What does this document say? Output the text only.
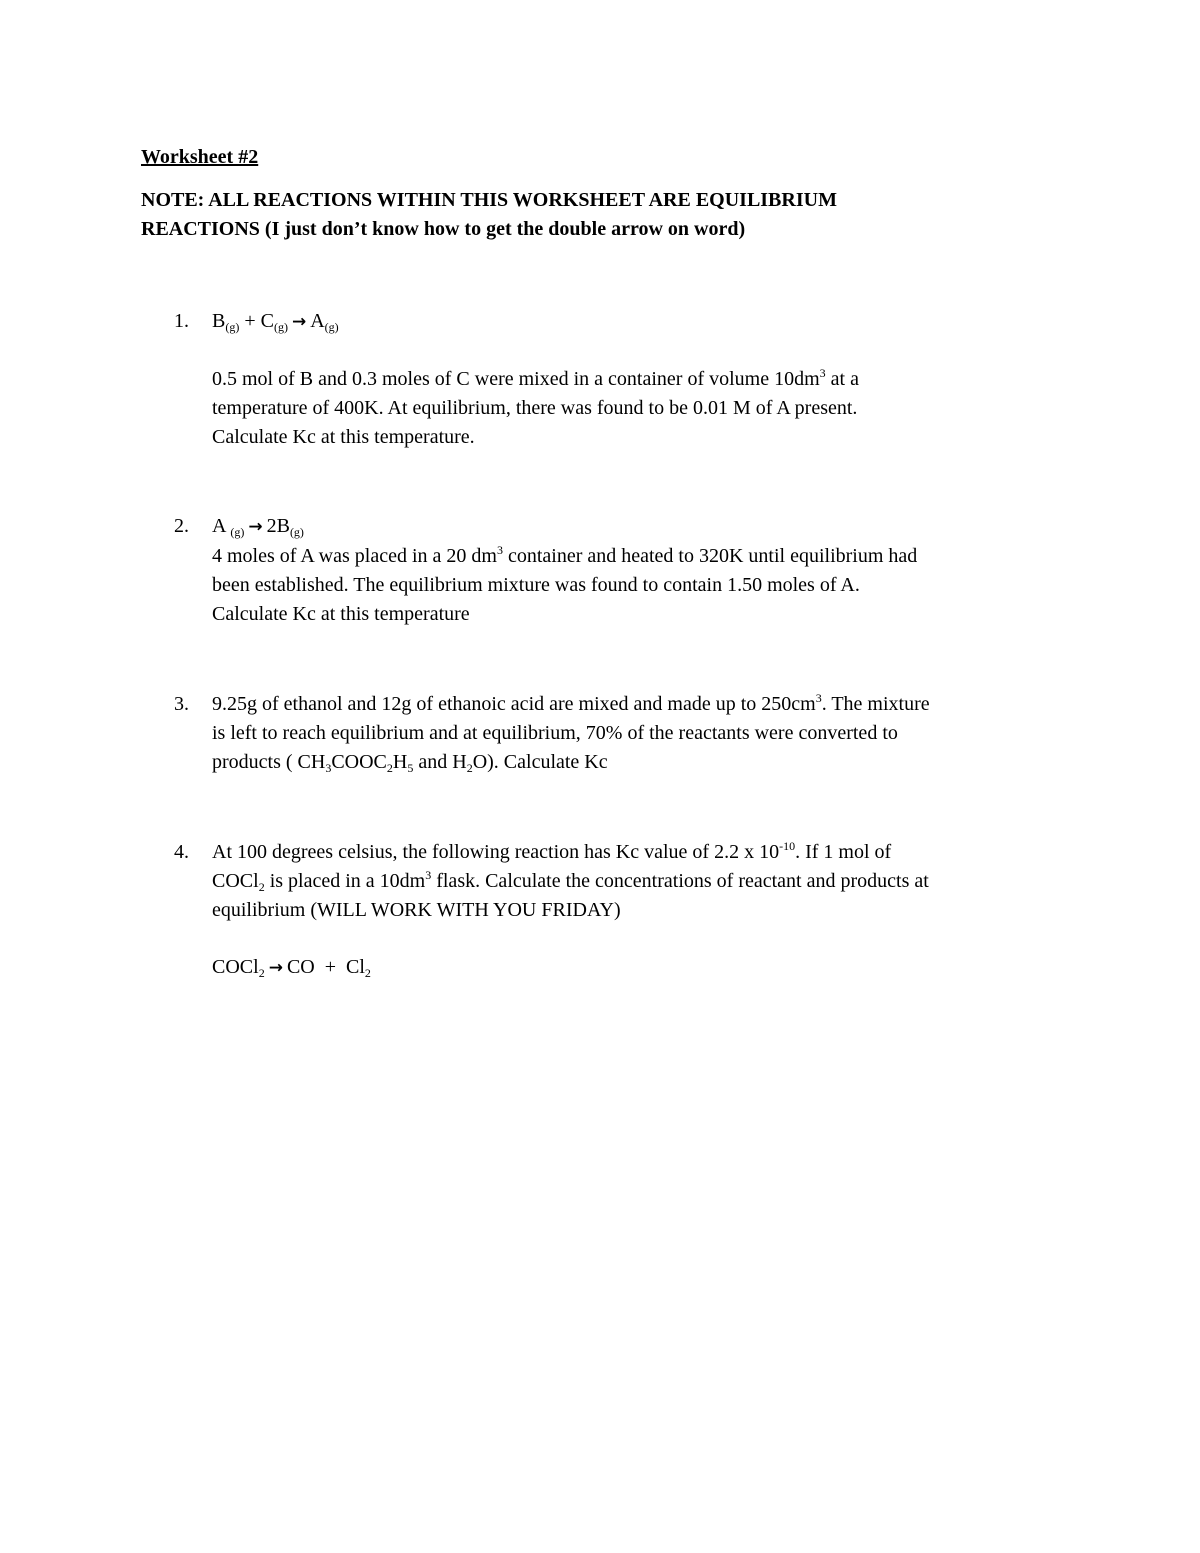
Worksheet #2
NOTE: ALL REACTIONS WITHIN THIS WORKSHEET ARE EQUILIBRIUM
REACTIONS (I just don’t know how to get the double arrow on word)
1. $B_{(g)} + C_{(g)} \to A_{(g)}$
0.5 mol of B and 0.3 moles of C were mixed in a container of volume $10dm^3$ at a
temperature of 400K. At equilibrium, there was found to be 0.01 M of A present.
Calculate Kc at this temperature.
2. A $_{(g)} \to 2B_{(g)}$
4 moles of A was placed in a 20 $dm^3$ container and heated to 320K until equilibrium had
been established. The equilibrium mixture was found to contain 1.50 moles of A.
Calculate Kc at this temperature
3. 9.25g of ethanol and 12g of ethanoic acid are mixed and made up to $250cm^3$. The mixture
is left to reach equilibrium and at equilibrium, 70% of the reactants were converted to
products ( $CH_3COOC_2H_5$ and $H_2O$). Calculate Kc
4. At 100 degrees celsius, the following reaction has Kc value of 2.2 x $10^{-10}$. If 1 mol of
COCl$_2$ is placed in a $10dm^3$ flask. Calculate the concentrations of reactant and products at
equilibrium (WILL WORK WITH YOU FRIDAY)
COCl$_2$ → CO + $Cl_2$
